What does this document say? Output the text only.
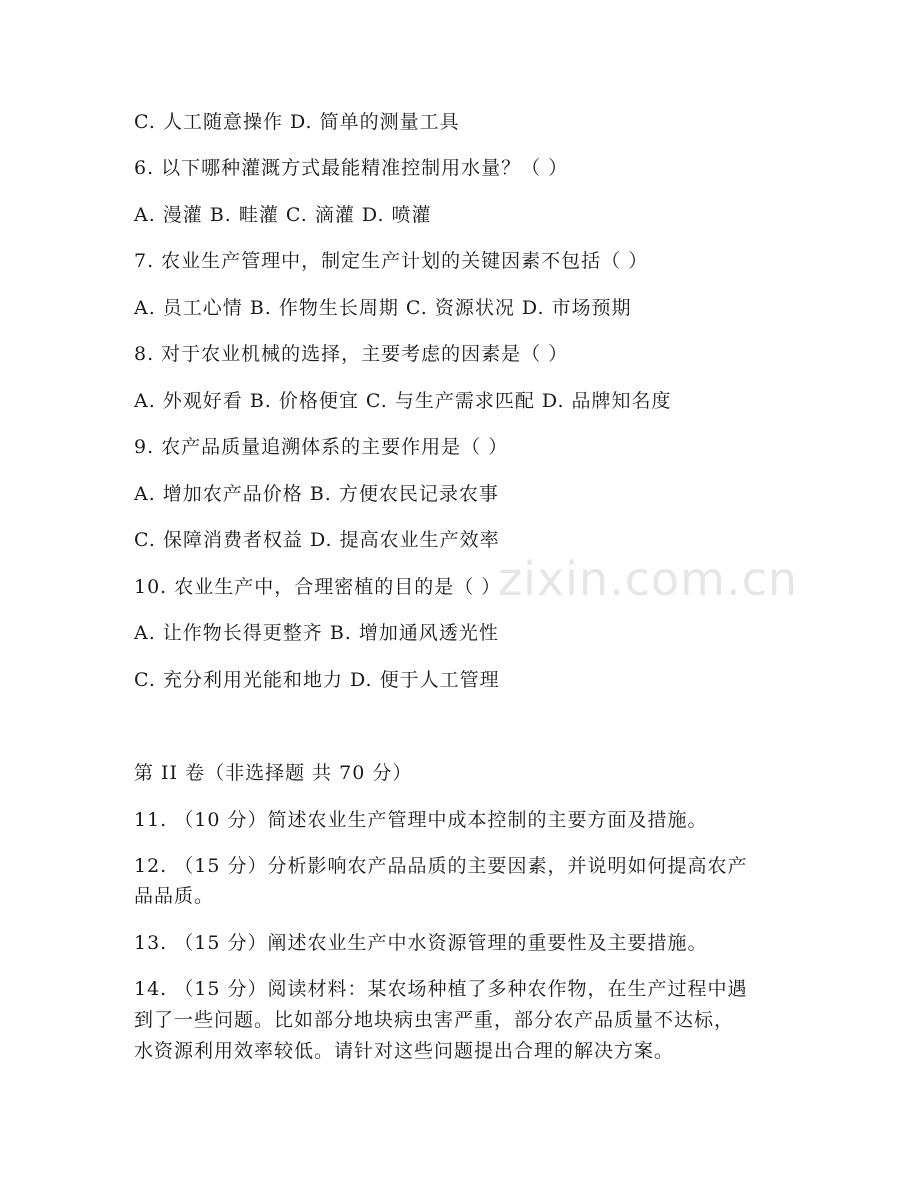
zixin.com.cn
C. 人工随意操作 D. 简单的测量工具
6. 以下哪种灌溉方式最能精准控制用水量？（ ）
A. 漫灌 B. 畦灌 C. 滴灌 D. 喷灌
7. 农业生产管理中，制定生产计划的关键因素不包括（ ）
A. 员工心情 B. 作物生长周期 C. 资源状况 D. 市场预期
8. 对于农业机械的选择，主要考虑的因素是（ ）
A. 外观好看 B. 价格便宜 C. 与生产需求匹配 D. 品牌知名度
9. 农产品质量追溯体系的主要作用是（ ）
A. 增加农产品价格 B. 方便农民记录农事
C. 保障消费者权益 D. 提高农业生产效率
10. 农业生产中，合理密植的目的是（ ）
A. 让作物长得更整齐 B. 增加通风透光性
C. 充分利用光能和地力 D. 便于人工管理
第 II 卷（非选择题 共 70 分）
11. （10 分）简述农业生产管理中成本控制的主要方面及措施。
12. （15 分）分析影响农产品品质的主要因素，并说明如何提高农产
品品质。
13. （15 分）阐述农业生产中水资源管理的重要性及主要措施。
14. （15 分）阅读材料：某农场种植了多种农作物，在生产过程中遇
到了一些问题。比如部分地块病虫害严重，部分农产品质量不达标，
水资源利用效率较低。请针对这些问题提出合理的解决方案。
